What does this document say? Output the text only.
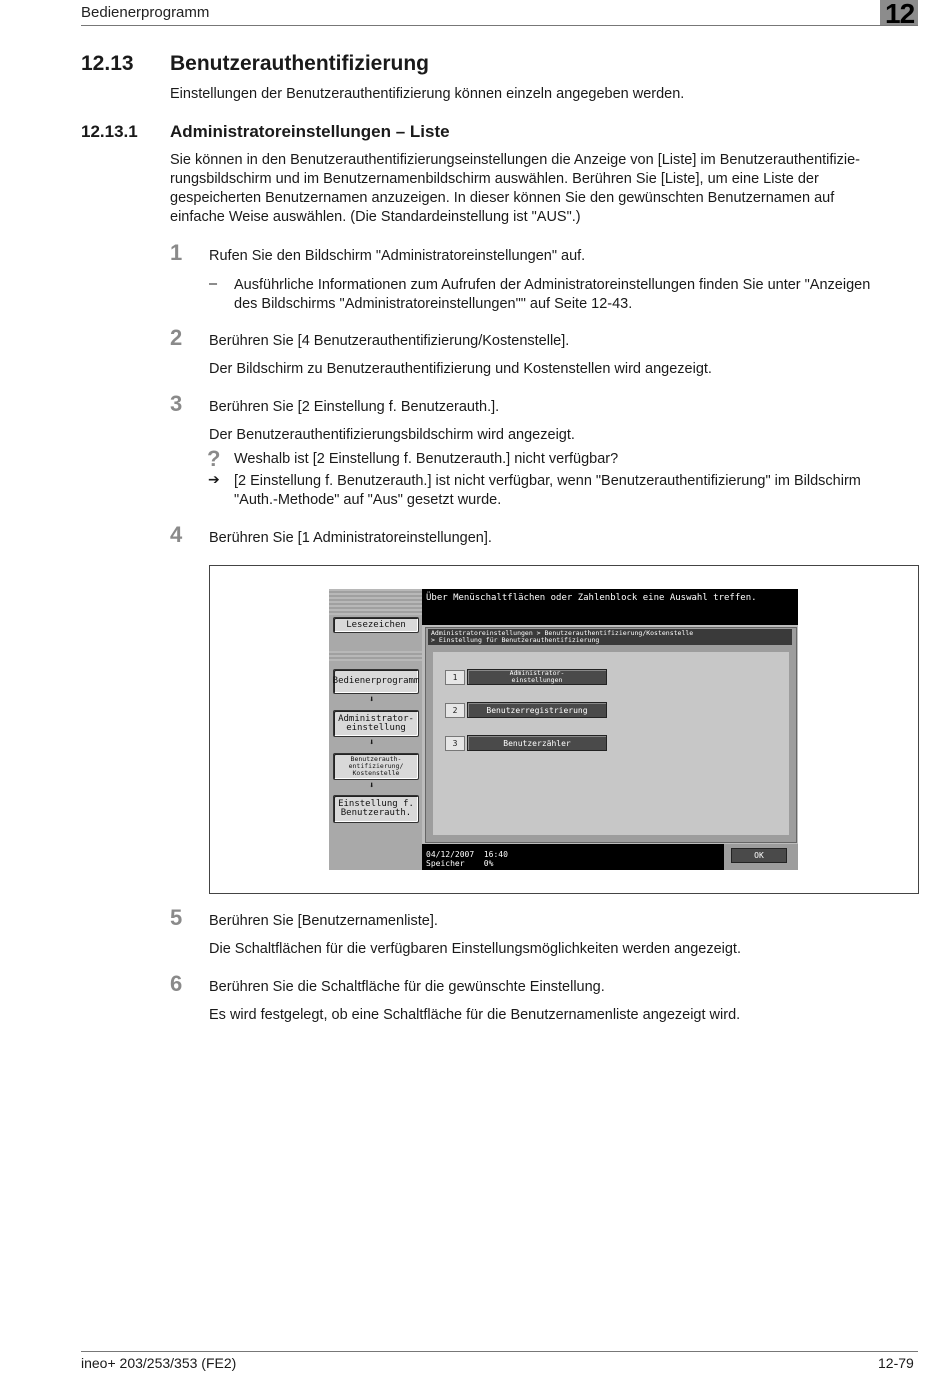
Bedienerprogramm	12
12.13 Benutzerauthentifizierung
Einstellungen der Benutzerauthentifizierung können einzeln angegeben werden.
12.13.1 Administratoreinstellungen – Liste
Sie können in den Benutzerauthentifizierungseinstellungen die Anzeige von [Liste] im Benutzerauthentifizie-
rungsbildschirm und im Benutzernamenbildschirm auswählen. Berühren Sie [Liste], um eine Liste der
gespeicherten Benutzernamen anzuzeigen. In dieser können Sie den gewünschten Benutzernamen auf
einfache Weise auswählen. (Die Standardeinstellung ist "AUS".)
1 Rufen Sie den Bildschirm "Administratoreinstellungen" auf.
– Ausführliche Informationen zum Aufrufen der Administratoreinstellungen finden Sie unter "Anzeigen
des Bildschirms "Administratoreinstellungen"" auf Seite 12-43.
2 Berühren Sie [4 Benutzerauthentifizierung/Kostenstelle].
Der Bildschirm zu Benutzerauthentifizierung und Kostenstellen wird angezeigt.
3 Berühren Sie [2 Einstellung f. Benutzerauth.].
Der Benutzerauthentifizierungsbildschirm wird angezeigt.
? Weshalb ist [2 Einstellung f. Benutzerauth.] nicht verfügbar?
➔ [2 Einstellung f. Benutzerauth.] ist nicht verfügbar, wenn "Benutzerauthentifizierung" im Bildschirm
"Auth.-Methode" auf "Aus" gesetzt wurde.
4 Berühren Sie [1 Administratoreinstellungen].
Lesezeichen
Bedienerprogramm
⬇
Administrator-
einstellung
⬇
Benutzerauth-
entifizierung/
Kostenstelle
⬇
Einstellung f.
Benutzerauth.
Über Menüschaltflächen oder Zahlenblock eine Auswahl treffen.
Administratoreinstellungen > Benutzerauthentifizierung/Kostenstelle
> Einstellung für Benutzerauthentifizierung
1	Administrator-
einstellungen
2	Benutzerregistrierung
3	Benutzerzähler
04/12/2007 16:40
Speicher 0%
OK
5 Berühren Sie [Benutzernamenliste].
Die Schaltflächen für die verfügbaren Einstellungsmöglichkeiten werden angezeigt.
6 Berühren Sie die Schaltfläche für die gewünschte Einstellung.
Es wird festgelegt, ob eine Schaltfläche für die Benutzernamenliste angezeigt wird.
ineo+ 203/253/353 (FE2)	12-79
